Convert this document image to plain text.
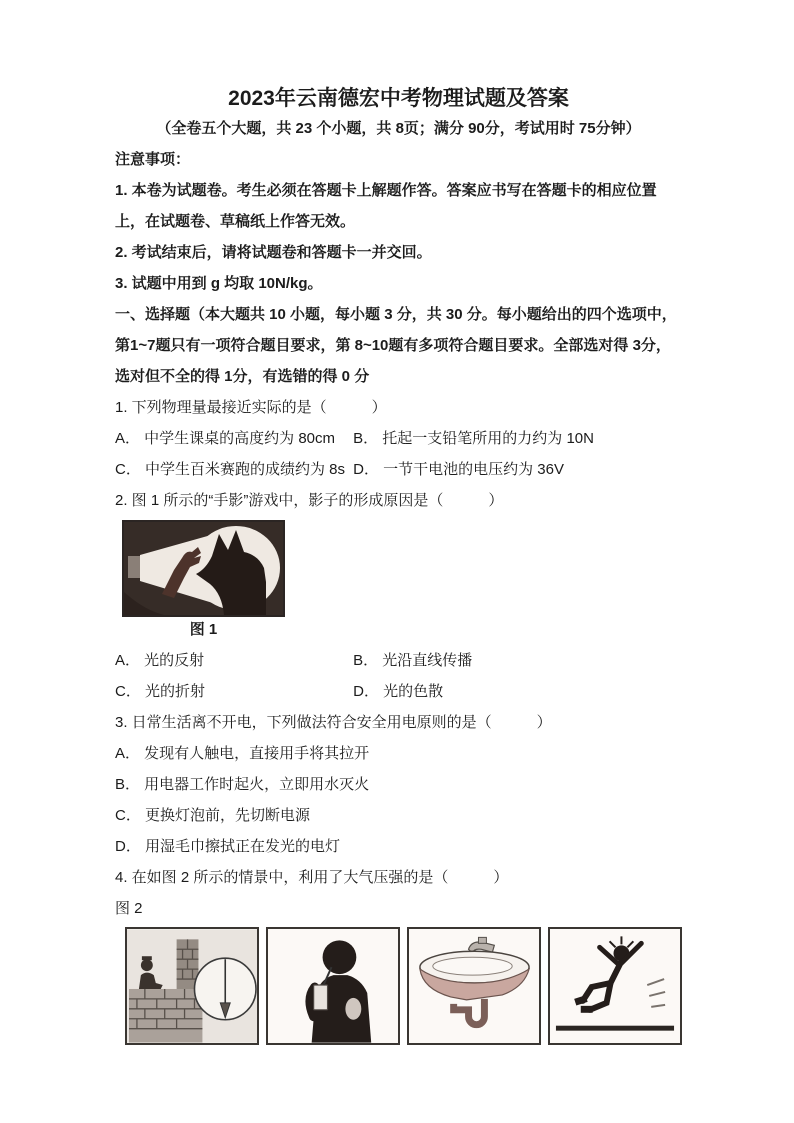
2023年云南德宏中考物理试题及答案

（全卷五个大题，共 23 个小题，共 8页；满分 90分，考试用时 75分钟）

注意事项：

1. 本卷为试题卷。考生必须在答题卡上解题作答。答案应书写在答题卡的相应位置上，在试题卷、草稿纸上作答无效。

2. 考试结束后，请将试题卷和答题卡一并交回。

3. 试题中用到 g 均取 10N/kg。

一、选择题（本大题共 10 小题，每小题 3 分，共 30 分。每小题给出的四个选项中，第1~7题只有一项符合题目要求，第 8~10题有多项符合题目要求。全部选对得 3分，选对但不全的得 1分，有选错的得 0 分

1. 下列物理量最接近实际的是（　　　）

A． 中学生课桌的高度约为 80cm	B． 托起一支铅笔所用的力约为 10N
C． 中学生百米赛跑的成绩约为 8s D． 一节干电池的电压约为 36V

2. 图 1 所示的“手影”游戏中，影子的形成原因是（　　　）

图 1
A． 光的反射	B． 光沿直线传播
C． 光的折射	D． 光的色散

3. 日常生活离不开电，下列做法符合安全用电原则的是（　　　）

A． 发现有人触电，直接用手将其拉开

B． 用电器工作时起火，立即用水灭火

C． 更换灯泡前，先切断电源

D． 用湿毛巾擦拭正在发光的电灯

4. 在如图 2 所示的情景中，利用了大气压强的是（　　　）

图 2
